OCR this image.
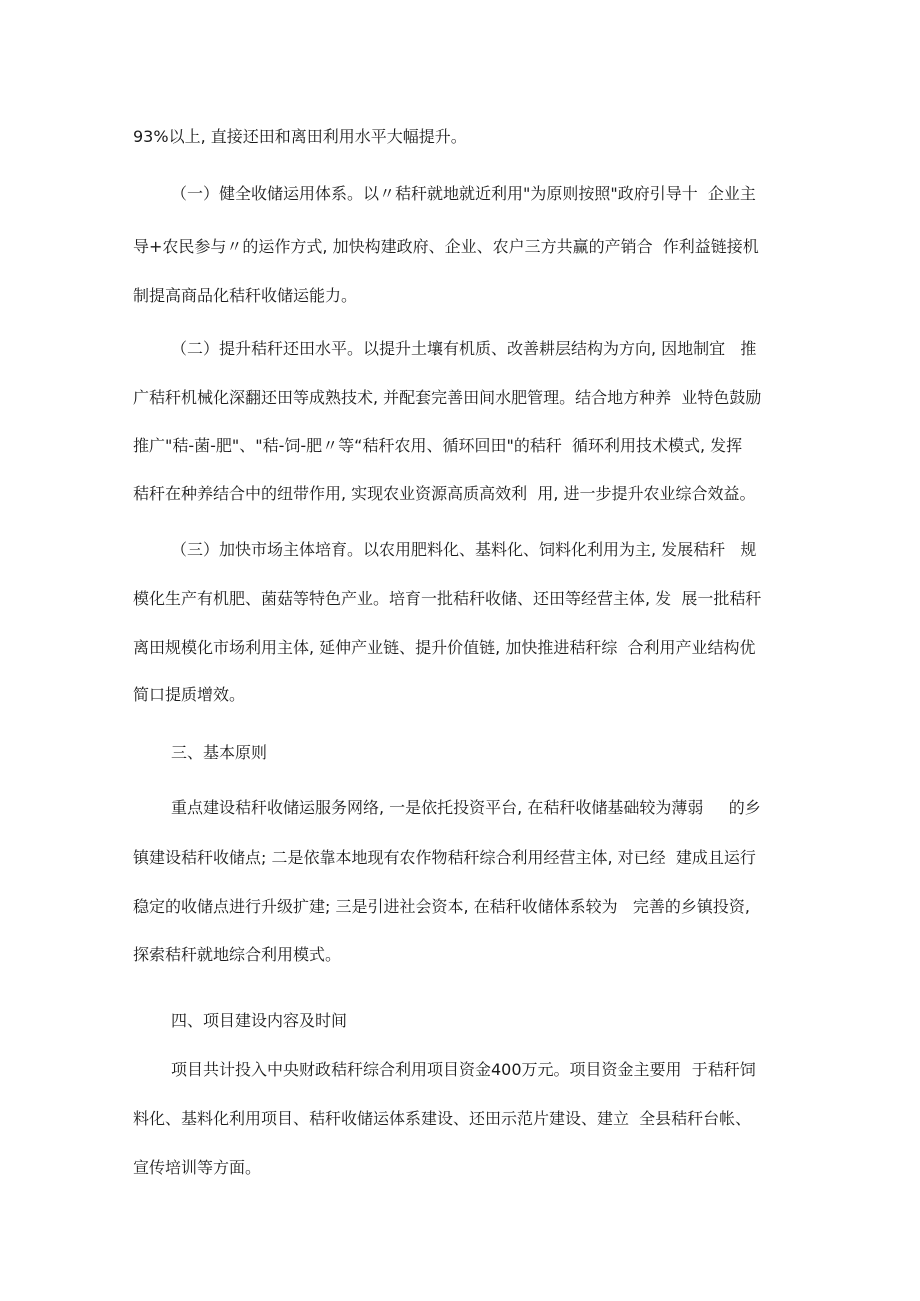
93%以上, 直接还田和离田利用水平大幅提升。
（一）健全收储运用体系。以〃秸秆就地就近利用"为原则按照"政府引导十  企业主
导+农民参与〃的运作方式, 加快构建政府、企业、农户三方共赢的产销合  作利益链接机
制提高商品化秸秆收储运能力。
（二）提升秸秆还田水平。以提升土壤有机质、改善耕层结构为方向, 因地制宜   推
广秸秆机械化深翻还田等成熟技术, 并配套完善田间水肥管理。结合地方种养  业特色鼓励
推广"秸-菌-肥"、"秸-饲-肥〃等“秸秆农用、循环回田"的秸秆  循环利用技术模式, 发挥
秸秆在种养结合中的纽带作用, 实现农业资源高质高效利  用, 进一步提升农业综合效益。
（三）加快市场主体培育。以农用肥料化、基料化、饲料化利用为主, 发展秸秆   规
模化生产有机肥、菌菇等特色产业。培育一批秸秆收储、还田等经营主体, 发  展一批秸秆
离田规模化市场利用主体, 延伸产业链、提升价值链, 加快推进秸秆综  合利用产业结构优
简口提质增效。
三、基本原则
重点建设秸秆收储运服务网络, 一是依托投资平台, 在秸秆收储基础较为薄弱     的乡
镇建设秸秆收储点; 二是依靠本地现有农作物秸秆综合利用经营主体, 对已经  建成且运行
稳定的收储点进行升级扩建; 三是引进社会资本, 在秸秆收储体系较为   完善的乡镇投资,
探索秸秆就地综合利用模式。
四、项目建设内容及时间
项目共计投入中央财政秸秆综合利用项目资金400万元。项目资金主要用  于秸秆饲
料化、基料化利用项目、秸秆收储运体系建设、还田示范片建设、建立  全县秸秆台帐、
宣传培训等方面。
